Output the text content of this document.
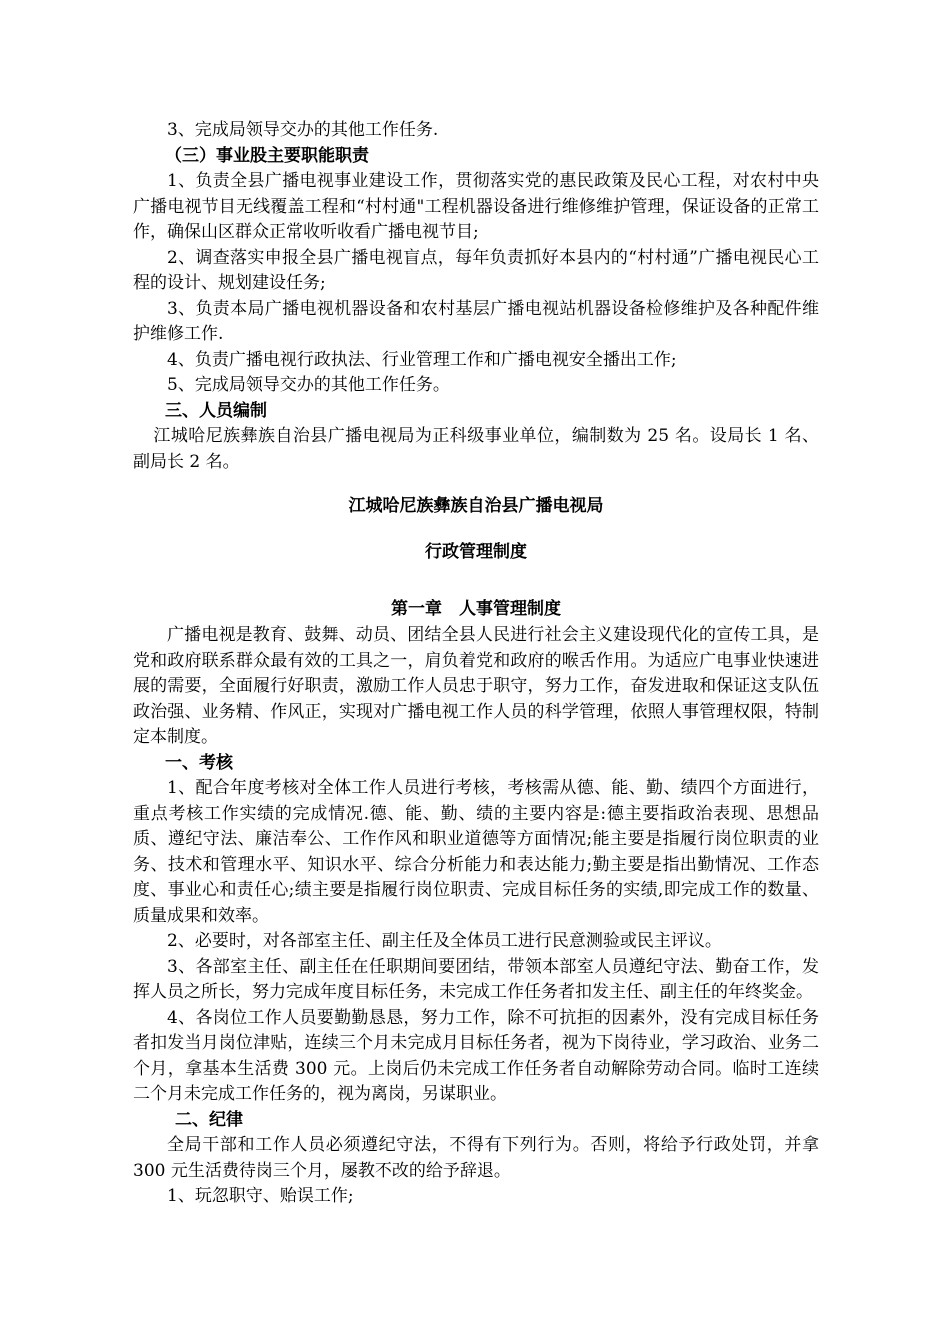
3、完成局领导交办的其他工作任务.

（三）事业股主要职能职责

1、负责全县广播电视事业建设工作，贯彻落实党的惠民政策及民心工程，对农村中央广播电视节目无线覆盖工程和“村村通"工程机器设备进行维修维护管理，保证设备的正常工作，确保山区群众正常收听收看广播电视节目;

2、调查落实申报全县广播电视盲点，每年负责抓好本县内的“村村通”广播电视民心工程的设计、规划建设任务;

3、负责本局广播电视机器设备和农村基层广播电视站机器设备检修维护及各种配件维护维修工作.

4、负责广播电视行政执法、行业管理工作和广播电视安全播出工作;

5、完成局领导交办的其他工作任务。

三、人员编制

江城哈尼族彝族自治县广播电视局为正科级事业单位，编制数为 25 名。设局长 1 名、副局长 2 名。

江城哈尼族彝族自治县广播电视局

行政管理制度

第一章　人事管理制度

广播电视是教育、鼓舞、动员、团结全县人民进行社会主义建设现代化的宣传工具，是党和政府联系群众最有效的工具之一，肩负着党和政府的喉舌作用。为适应广电事业快速进展的需要，全面履行好职责，激励工作人员忠于职守，努力工作，奋发进取和保证这支队伍政治强、业务精、作风正，实现对广播电视工作人员的科学管理，依照人事管理权限，特制定本制度。

一、考核

1、配合年度考核对全体工作人员进行考核，考核需从德、能、勤、绩四个方面进行，重点考核工作实绩的完成情况.德、能、勤、绩的主要内容是:德主要指政治表现、思想品质、遵纪守法、廉洁奉公、工作作风和职业道德等方面情况;能主要是指履行岗位职责的业务、技术和管理水平、知识水平、综合分析能力和表达能力;勤主要是指出勤情况、工作态度、事业心和责任心;绩主要是指履行岗位职责、完成目标任务的实绩,即完成工作的数量、质量成果和效率。

2、必要时，对各部室主任、副主任及全体员工进行民意测验或民主评议。

3、各部室主任、副主任在任职期间要团结，带领本部室人员遵纪守法、勤奋工作，发挥人员之所长，努力完成年度目标任务，未完成工作任务者扣发主任、副主任的年终奖金。

4、各岗位工作人员要勤勤恳恳，努力工作，除不可抗拒的因素外，没有完成目标任务者扣发当月岗位津贴，连续三个月未完成月目标任务者，视为下岗待业，学习政治、业务二个月，拿基本生活费 300 元。上岗后仍未完成工作任务者自动解除劳动合同。临时工连续二个月未完成工作任务的，视为离岗，另谋职业。

二、纪律

全局干部和工作人员必须遵纪守法，不得有下列行为。否则，将给予行政处罚，并拿 300 元生活费待岗三个月，屡教不改的给予辞退。

1、玩忽职守、贻误工作;
